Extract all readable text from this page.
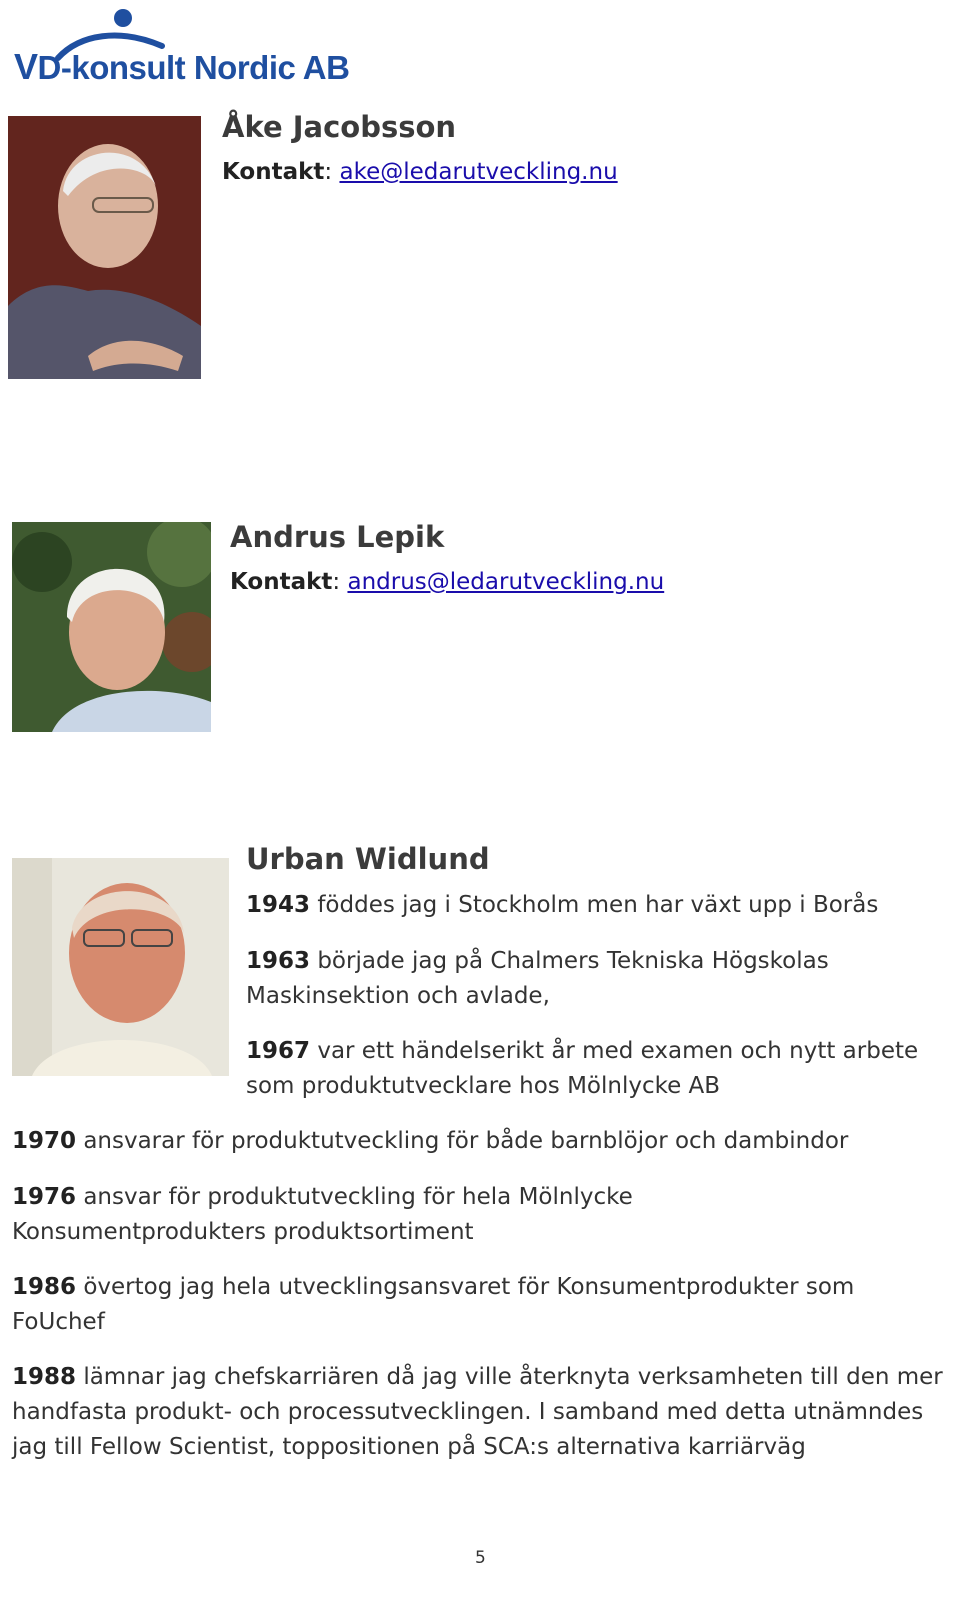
VD-konsult Nordic AB
Åke Jacobsson
Kontakt: ake@ledarutveckling.nu
Andrus Lepik
Kontakt: andrus@ledarutveckling.nu
Urban Widlund
1943 föddes jag i Stockholm men har växt upp i Borås
1963 började jag på Chalmers Tekniska Högskolas Maskinsektion och avlade,
1967 var ett händelserikt år med examen och nytt arbete som produktutvecklare hos Mölnlycke AB
1970 ansvarar för produktutveckling för både barnblöjor och dambindor
1976 ansvar för produktutveckling för hela Mölnlycke Konsumentprodukters produktsortiment
1986 övertog jag hela utvecklingsansvaret för Konsumentprodukter som FoUchef
1988 lämnar jag chefskarriären då jag ville återknyta verksamheten till den mer handfasta produkt- och processutvecklingen. I samband med detta utnämndes jag till Fellow Scientist, toppositionen på SCA:s alternativa karriärväg
5
